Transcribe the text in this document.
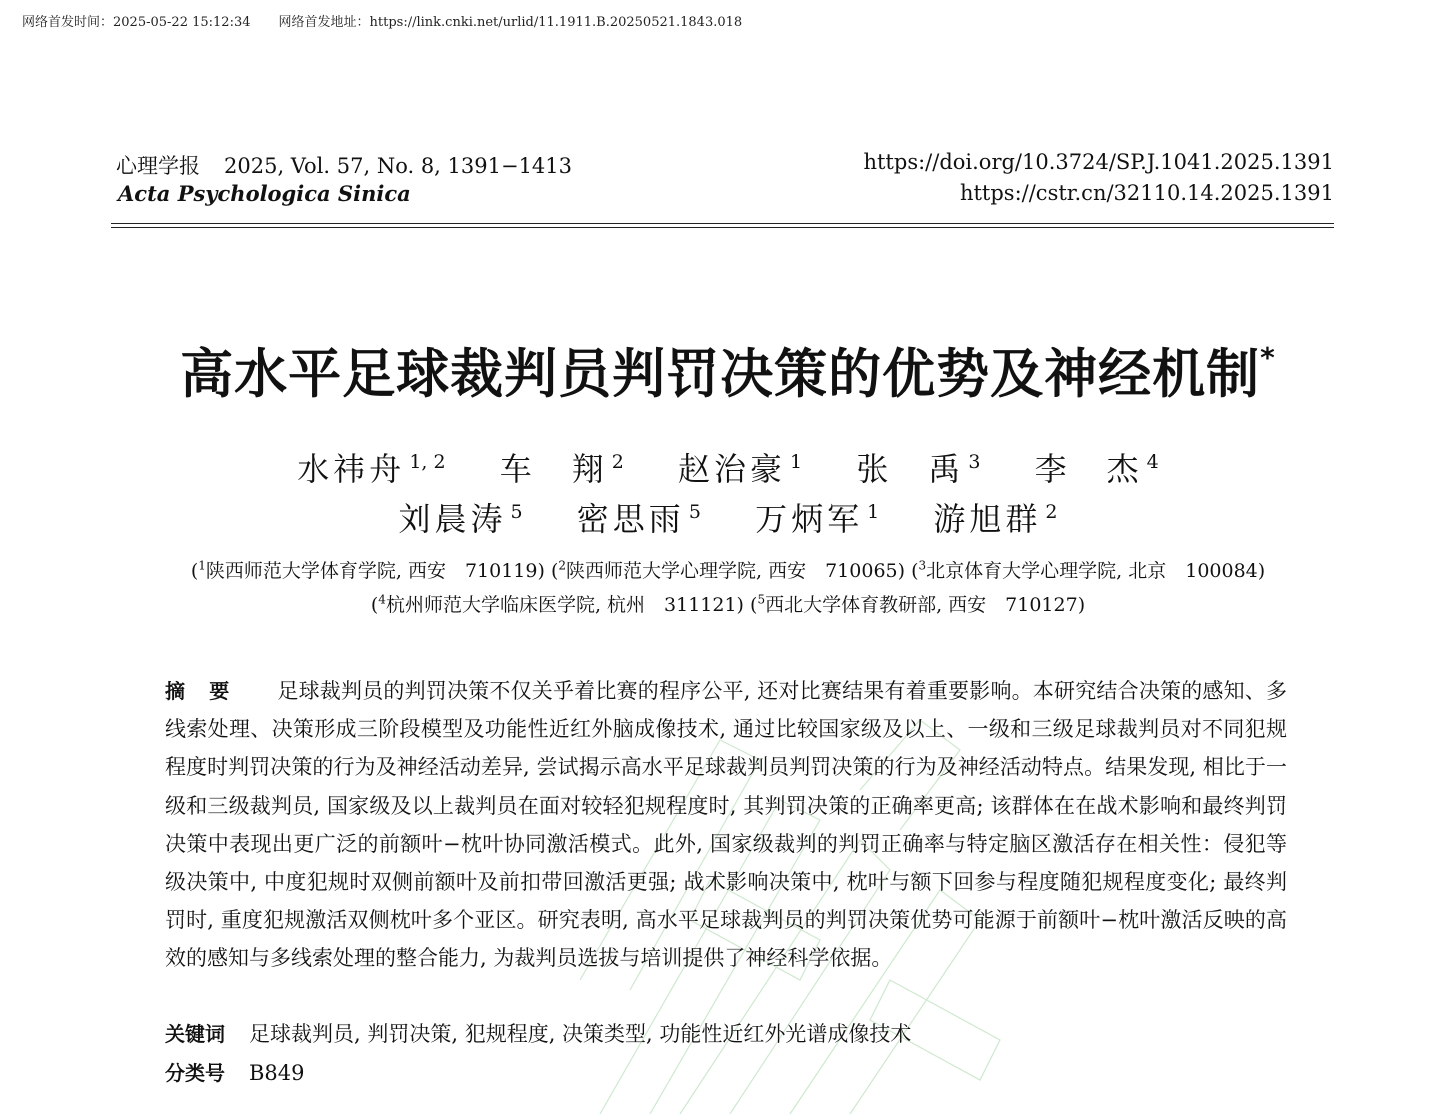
网络首发时间：2025-05-22 15:12:34 网络首发地址：https://link.cnki.net/urlid/11.1911.B.20250521.1843.018
心理学报 2025, Vol. 57, No. 8, 1391−1413
Acta Psychologica Sinica
https://doi.org/10.3724/SP.J.1041.2025.1391
https://cstr.cn/32110.14.2025.1391
高水平足球裁判员判罚决策的优势及神经机制*
水祎舟 $^{1, 2}$ 车　翔 $^2$ 赵治豪 $^1$ 张　禹 $^3$ 李　杰 $^4$
刘晨涛 $^5$ 密思雨 $^5$ 万炳军 $^1$ 游旭群 $^2$
($^1$陕西师范大学体育学院, 西安　710119) ($^2$陕西师范大学心理学院, 西安　710065) ($^3$北京体育大学心理学院, 北京　100084)
($^4$杭州师范大学临床医学院, 杭州　311121) ($^5$西北大学体育教研部, 西安　710127)
摘要 足球裁判员的判罚决策不仅关乎着比赛的程序公平, 还对比赛结果有着重要影响。本研究结合决策的感知、多线索处理、决策形成三阶段模型及功能性近红外脑成像技术, 通过比较国家级及以上、一级和三级足球裁判员对不同犯规程度时判罚决策的行为及神经活动差异, 尝试揭示高水平足球裁判员判罚决策的行为及神经活动特点。结果发现, 相比于一级和三级裁判员, 国家级及以上裁判员在面对较轻犯规程度时, 其判罚决策的正确率更高; 该群体在在战术影响和最终判罚决策中表现出更广泛的前额叶−枕叶协同激活模式。此外, 国家级裁判的判罚正确率与特定脑区激活存在相关性：侵犯等级决策中, 中度犯规时双侧前额叶及前扣带回激活更强; 战术影响决策中, 枕叶与额下回参与程度随犯规程度变化; 最终判罚时, 重度犯规激活双侧枕叶多个亚区。研究表明, 高水平足球裁判员的判罚决策优势可能源于前额叶−枕叶激活反映的高效的感知与多线索处理的整合能力, 为裁判员选拔与培训提供了神经科学依据。
关键词 足球裁判员, 判罚决策, 犯规程度, 决策类型, 功能性近红外光谱成像技术
分类号 B849
